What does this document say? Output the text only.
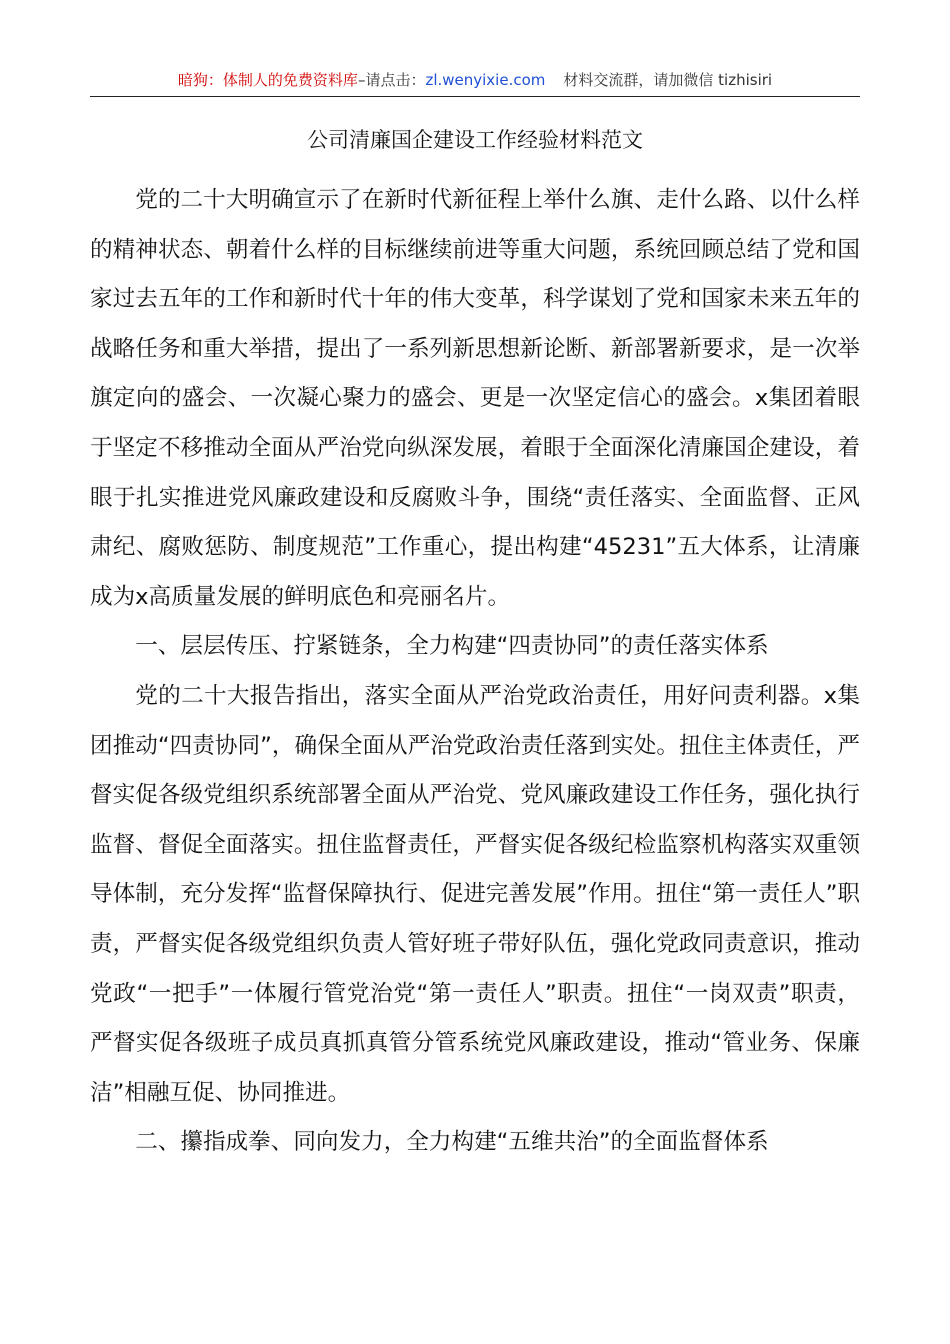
暗狗：体制人的免费资料库–请点击：zl.wenyixie.com 材料交流群，请加微信 tizhisiri
公司清廉国企建设工作经验材料范文

党的二十大明确宣示了在新时代新征程上举什么旗、走什么路、以什么样的精神状态、朝着什么样的目标继续前进等重大问题，系统回顾总结了党和国家过去五年的工作和新时代十年的伟大变革，科学谋划了党和国家未来五年的战略任务和重大举措，提出了一系列新思想新论断、新部署新要求，是一次举旗定向的盛会、一次凝心聚力的盛会、更是一次坚定信心的盛会。x集团着眼于坚定不移推动全面从严治党向纵深发展，着眼于全面深化清廉国企建设，着眼于扎实推进党风廉政建设和反腐败斗争，围绕“责任落实、全面监督、正风肃纪、腐败惩防、制度规范”工作重心，提出构建“45231”五大体系，让清廉成为x高质量发展的鲜明底色和亮丽名片。

一、层层传压、拧紧链条，全力构建“四责协同”的责任落实体系

党的二十大报告指出，落实全面从严治党政治责任，用好问责利器。x集团推动“四责协同”，确保全面从严治党政治责任落到实处。扭住主体责任，严督实促各级党组织系统部署全面从严治党、党风廉政建设工作任务，强化执行监督、督促全面落实。扭住监督责任，严督实促各级纪检监察机构落实双重领导体制，充分发挥“监督保障执行、促进完善发展”作用。扭住“第一责任人”职责，严督实促各级党组织负责人管好班子带好队伍，强化党政同责意识，推动党政“一把手”一体履行管党治党“第一责任人”职责。扭住“一岗双责”职责，严督实促各级班子成员真抓真管分管系统党风廉政建设，推动“管业务、保廉洁”相融互促、协同推进。

二、攥指成拳、同向发力，全力构建“五维共治”的全面监督体系
